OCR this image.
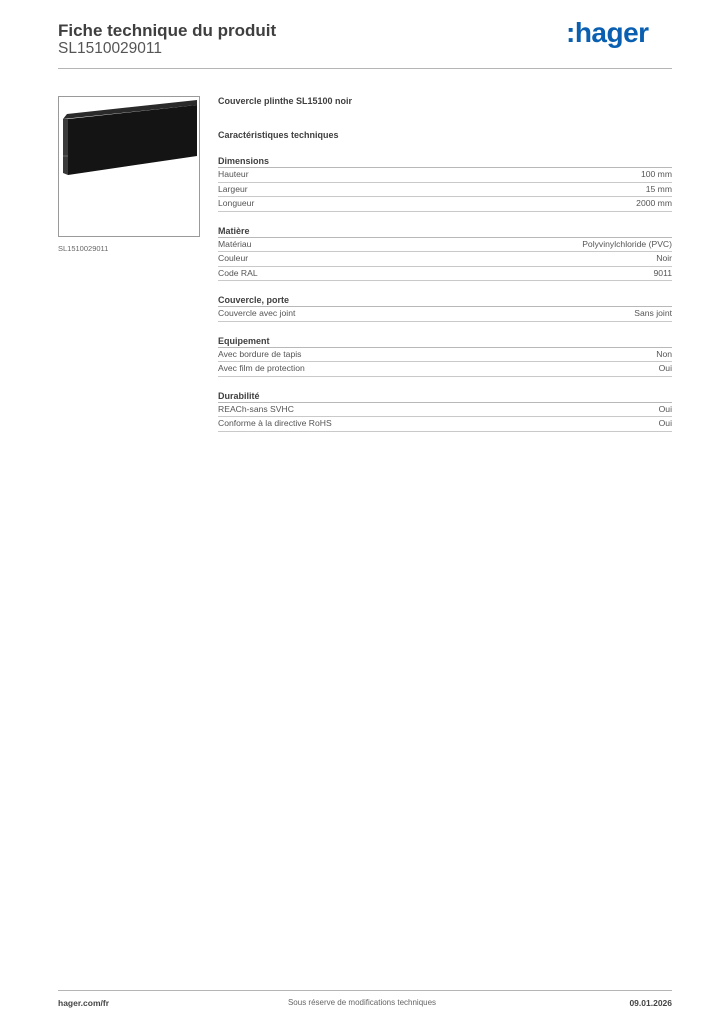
Fiche technique du produit
SL1510029011
:hager
SL1510029011
Couvercle plinthe SL15100 noir
Caractéristiques techniques
Dimensions
Hauteur	100 mm
Largeur	15 mm
Longueur	2000 mm
Matière
Matériau	Polyvinylchloride (PVC)
Couleur	Noir
Code RAL	9011
Couvercle, porte
Couvercle avec joint	Sans joint
Equipement
Avec bordure de tapis	Non
Avec film de protection	Oui
Durabilité
REACh-sans SVHC	Oui
Conforme à la directive RoHS	Oui
hager.com/fr	Sous réserve de modifications techniques	09.01.2026
